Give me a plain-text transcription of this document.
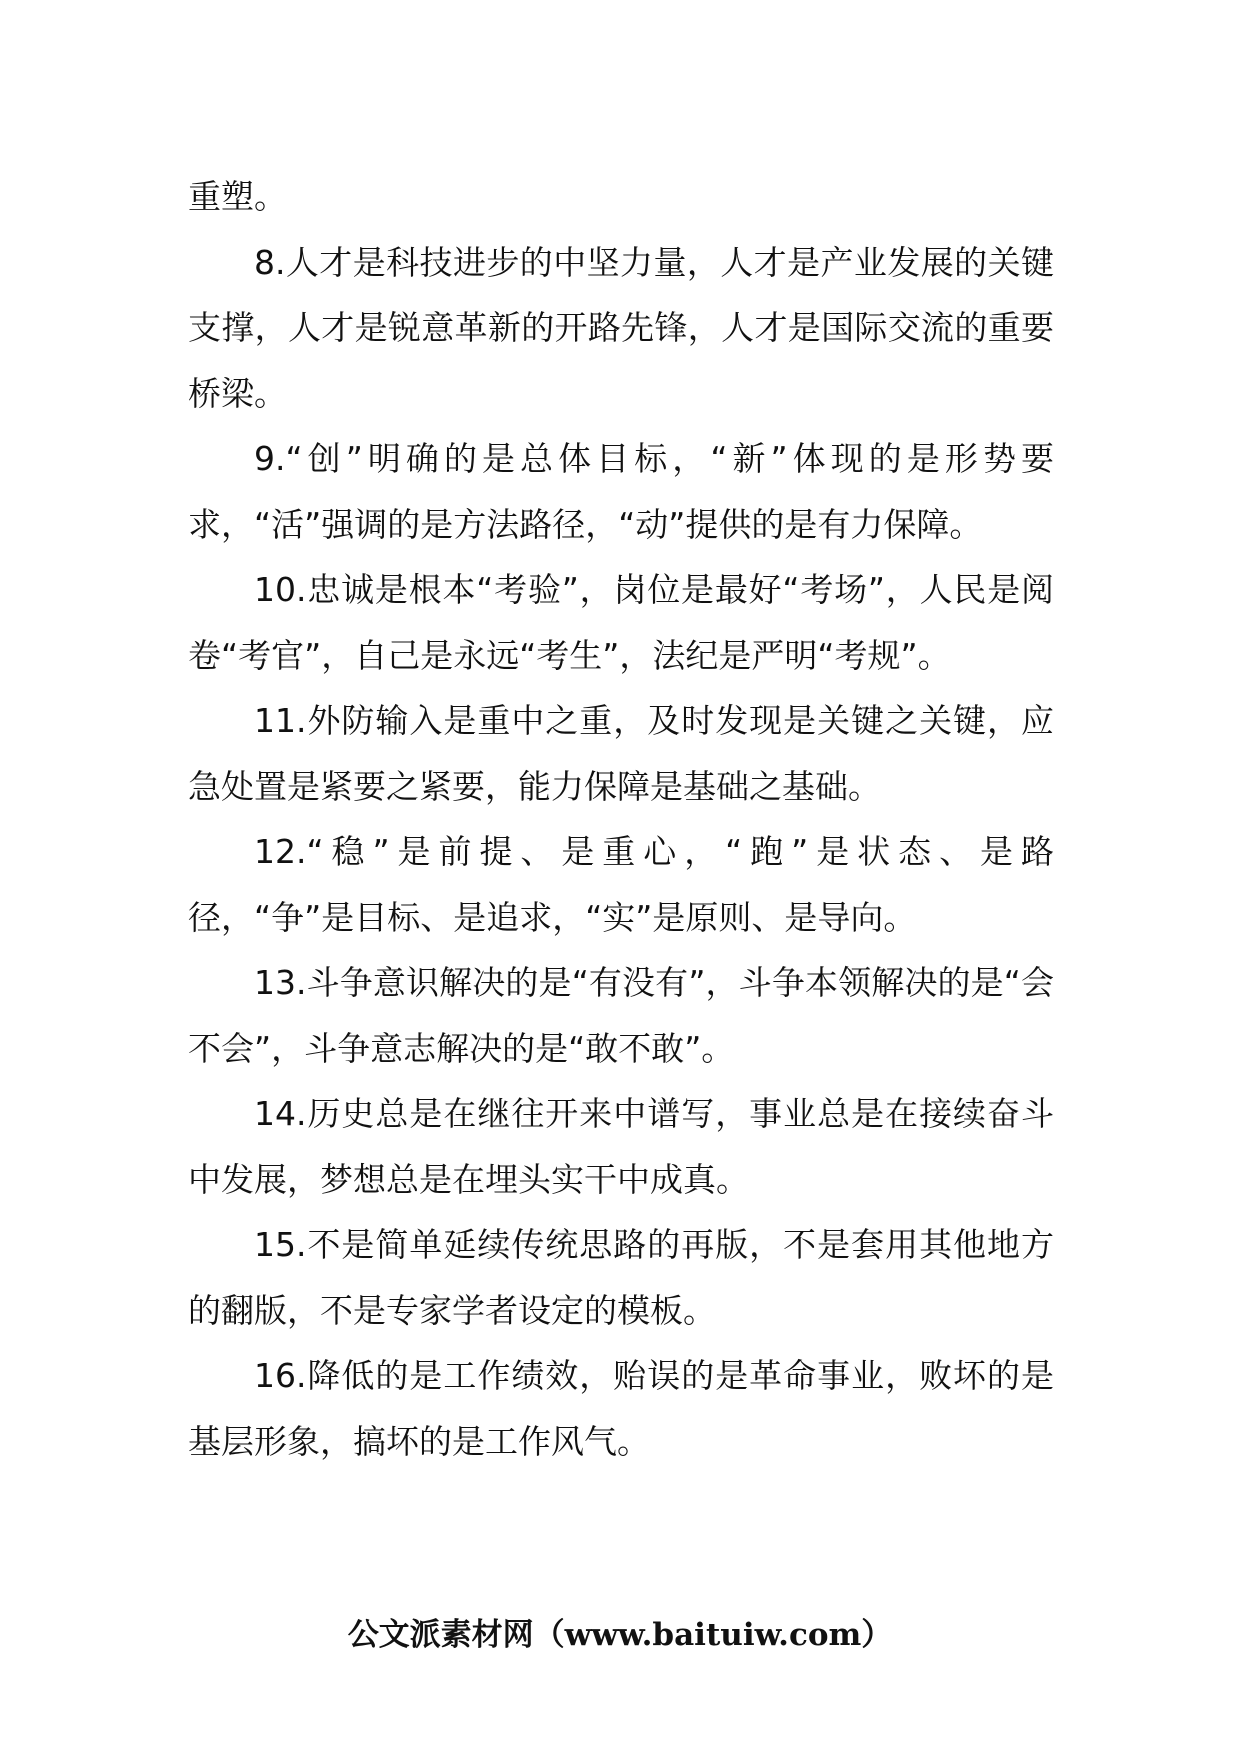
重塑。

8.人才是科技进步的中坚力量，人才是产业发展的关键支撑，人才是锐意革新的开路先锋，人才是国际交流的重要桥梁。

9.“创”明确的是总体目标，“新”体现的是形势要求，“活”强调的是方法路径，“动”提供的是有力保障。

10.忠诚是根本“考验”，岗位是最好“考场”，人民是阅卷“考官”，自己是永远“考生”，法纪是严明“考规”。

11.外防输入是重中之重，及时发现是关键之关键，应急处置是紧要之紧要，能力保障是基础之基础。

12.“稳”是前提、是重心，“跑”是状态、是路径，“争”是目标、是追求，“实”是原则、是导向。

13.斗争意识解决的是“有没有”，斗争本领解决的是“会不会”，斗争意志解决的是“敢不敢”。

14.历史总是在继往开来中谱写，事业总是在接续奋斗中发展，梦想总是在埋头实干中成真。

15.不是简单延续传统思路的再版，不是套用其他地方的翻版，不是专家学者设定的模板。

16.降低的是工作绩效，贻误的是革命事业，败坏的是基层形象，搞坏的是工作风气。

公文派素材网（www.baituiw.com）
